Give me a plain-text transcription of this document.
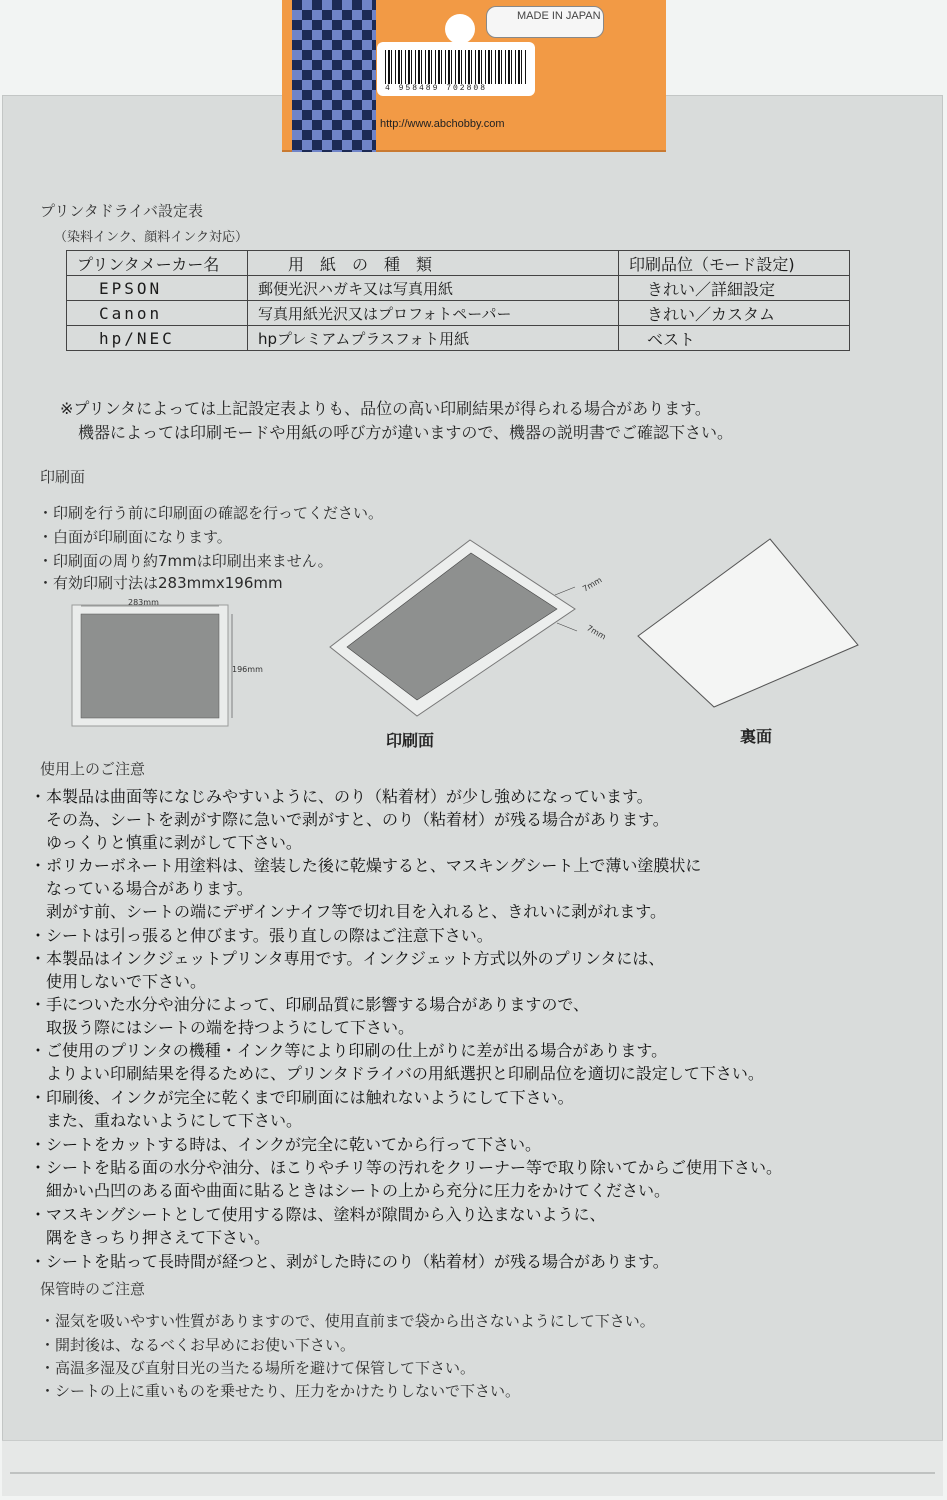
MADE IN JAPAN
4 958489 702808
http://www.abchobby.com
プリンタドライバ設定表
（染料インク、顔料インク対応）
プリンタメーカー名	用　紙　の　種　類	印刷品位（モード設定)
EPSON	郵便光沢ハガキ又は写真用紙	きれい／詳細設定
Canon	写真用紙光沢又はプロフォトペーパー	きれい／カスタム
hp/NEC	hpプレミアムプラスフォト用紙	ベスト
※プリンタによっては上記設定表よりも、品位の高い印刷結果が得られる場合があります。
機器によっては印刷モードや用紙の呼び方が違いますので、機器の説明書でご確認下さい。
印刷面
・印刷を行う前に印刷面の確認を行ってください。
・白面が印刷面になります。
・印刷面の周り約7mmは印刷出来ません。
・有効印刷寸法は283mmx196mm
283mm
196mm
7mm
7mm
印刷面	裏面
使用上のご注意
・本製品は曲面等になじみやすいように、のり（粘着材）が少し強めになっています。
その為、シートを剥がす際に急いで剥がすと、のり（粘着材）が残る場合があります。
ゆっくりと慎重に剥がして下さい。
・ポリカーボネート用塗料は、塗装した後に乾燥すると、マスキングシート上で薄い塗膜状に
なっている場合があります。
剥がす前、シートの端にデザインナイフ等で切れ目を入れると、きれいに剥がれます。
・シートは引っ張ると伸びます。張り直しの際はご注意下さい。
・本製品はインクジェットプリンタ専用です。インクジェット方式以外のプリンタには、
使用しないで下さい。
・手についた水分や油分によって、印刷品質に影響する場合がありますので、
取扱う際にはシートの端を持つようにして下さい。
・ご使用のプリンタの機種・インク等により印刷の仕上がりに差が出る場合があります。
よりよい印刷結果を得るために、プリンタドライバの用紙選択と印刷品位を適切に設定して下さい。
・印刷後、インクが完全に乾くまで印刷面には触れないようにして下さい。
また、重ねないようにして下さい。
・シートをカットする時は、インクが完全に乾いてから行って下さい。
・シートを貼る面の水分や油分、ほこりやチリ等の汚れをクリーナー等で取り除いてからご使用下さい。
細かい凸凹のある面や曲面に貼るときはシートの上から充分に圧力をかけてください。
・マスキングシートとして使用する際は、塗料が隙間から入り込まないように、
隅をきっちり押さえて下さい。
・シートを貼って長時間が経つと、剥がした時にのり（粘着材）が残る場合があります。
保管時のご注意
・湿気を吸いやすい性質がありますので、使用直前まで袋から出さないようにして下さい。
・開封後は、なるべくお早めにお使い下さい。
・高温多湿及び直射日光の当たる場所を避けて保管して下さい。
・シートの上に重いものを乗せたり、圧力をかけたりしないで下さい。
